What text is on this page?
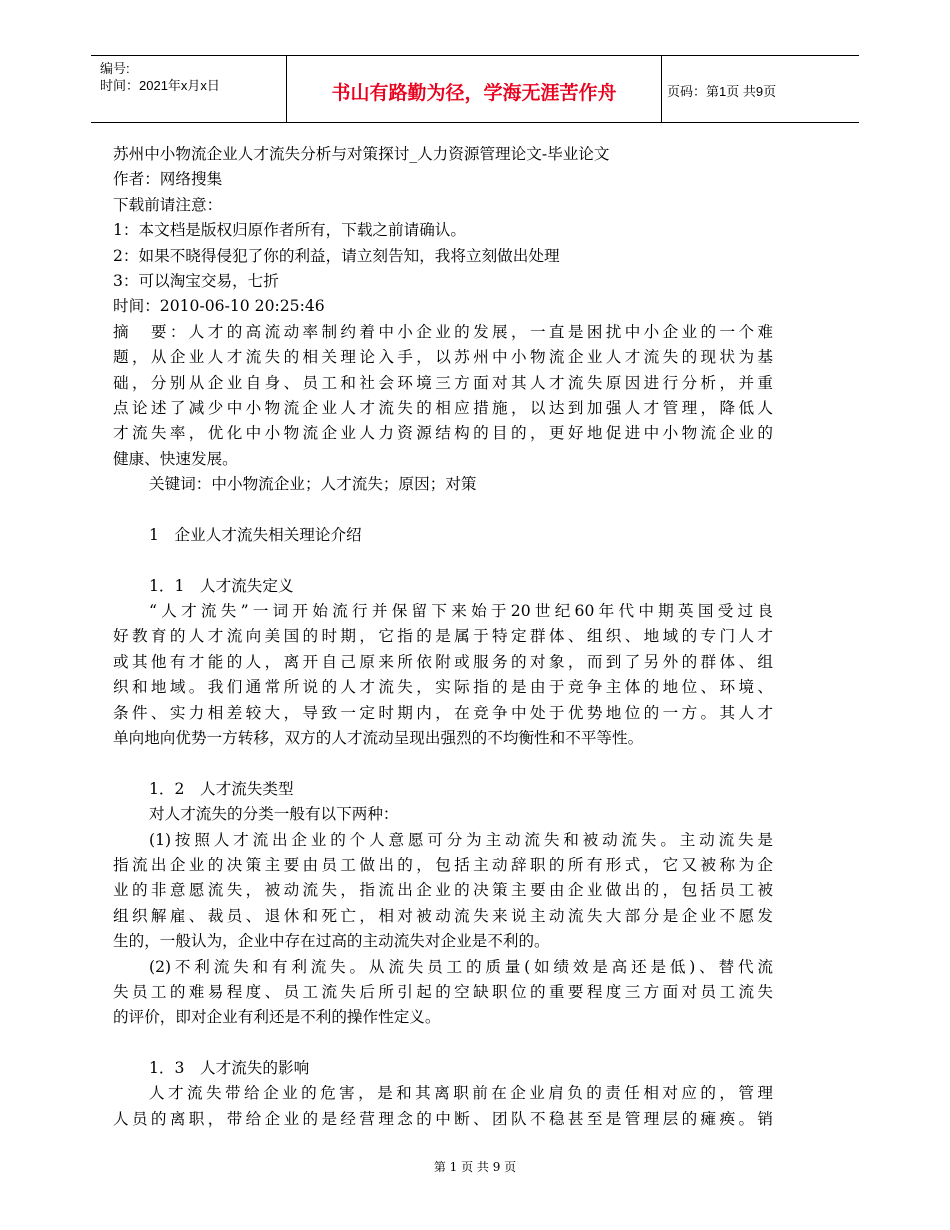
编号:
时间：2021年x月x日	书山有路勤为径，学海无涯苦作舟	页码：第1页 共9页
苏州中小物流企业人才流失分析与对策探讨_人力资源管理论文-毕业论文
作者：网络搜集
下载前请注意：
1：本文档是版权归原作者所有，下载之前请确认。
2：如果不晓得侵犯了你的利益，请立刻告知，我将立刻做出处理
3：可以淘宝交易，七折
时间：2010-06-10 20:25:46
摘　要：人才的高流动率制约着中小企业的发展，一直是困扰中小企业的一个难
题，从企业人才流失的相关理论入手，以苏州中小物流企业人才流失的现状为基
础，分别从企业自身、员工和社会环境三方面对其人才流失原因进行分析，并重
点论述了减少中小物流企业人才流失的相应措施，以达到加强人才管理，降低人
才流失率，优化中小物流企业人力资源结构的目的，更好地促进中小物流企业的
健康、快速发展。
关键词：中小物流企业；人才流失；原因；对策
1　企业人才流失相关理论介绍
1．1　人才流失定义
“人才流失”一词开始流行并保留下来始于20世纪60年代中期英国受过良
好教育的人才流向美国的时期，它指的是属于特定群体、组织、地域的专门人才
或其他有才能的人，离开自己原来所依附或服务的对象，而到了另外的群体、组
织和地域。我们通常所说的人才流失，实际指的是由于竞争主体的地位、环境、
条件、实力相差较大，导致一定时期内，在竞争中处于优势地位的一方。其人才
单向地向优势一方转移，双方的人才流动呈现出强烈的不均衡性和不平等性。
1．2　人才流失类型
对人才流失的分类一般有以下两种：
(1)按照人才流出企业的个人意愿可分为主动流失和被动流失。主动流失是
指流出企业的决策主要由员工做出的，包括主动辞职的所有形式，它又被称为企
业的非意愿流失，被动流失，指流出企业的决策主要由企业做出的，包括员工被
组织解雇、裁员、退休和死亡，相对被动流失来说主动流失大部分是企业不愿发
生的，一般认为，企业中存在过高的主动流失对企业是不利的。
(2)不利流失和有利流失。从流失员工的质量(如绩效是高还是低)、替代流
失员工的难易程度、员工流失后所引起的空缺职位的重要程度三方面对员工流失
的评价，即对企业有利还是不利的操作性定义。
1．3　人才流失的影响
人才流失带给企业的危害，是和其离职前在企业肩负的责任相对应的，管理
人员的离职，带给企业的是经营理念的中断、团队不稳甚至是管理层的瘫痪。销
第 1 页 共 9 页
